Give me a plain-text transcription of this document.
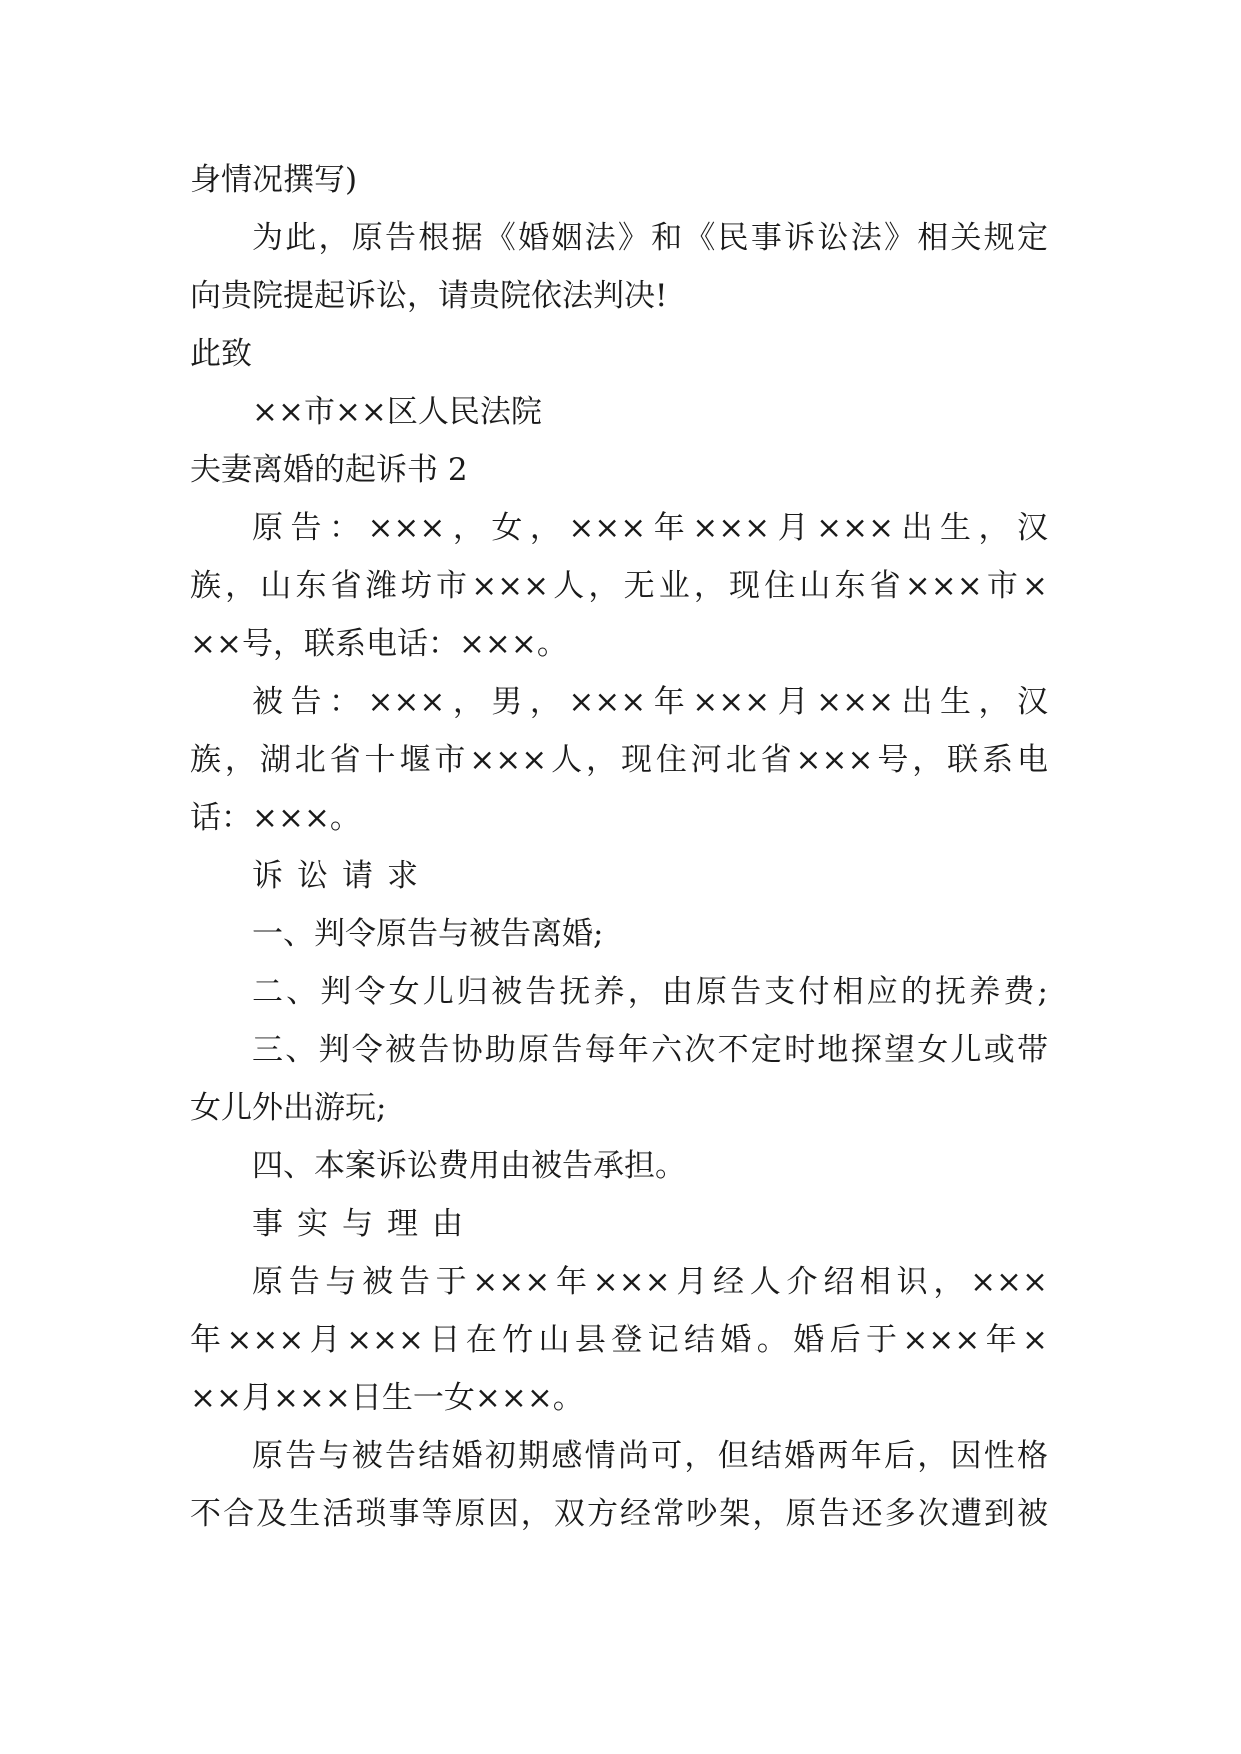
身情况撰写)
为此，原告根据《婚姻法》和《民事诉讼法》相关规定
向贵院提起诉讼，请贵院依法判决!
此致
××市××区人民法院
夫妻离婚的起诉书 2
原告：×××，女，×××年×××月×××出生，汉
族，山东省潍坊市×××人，无业，现住山东省×××市×
××号，联系电话：×××。
被告：×××，男，×××年×××月×××出生，汉
族，湖北省十堰市×××人，现住河北省×××号，联系电
话：×××。
诉讼请求
一、判令原告与被告离婚;
二、判令女儿归被告抚养，由原告支付相应的抚养费;
三、判令被告协助原告每年六次不定时地探望女儿或带
女儿外出游玩;
四、本案诉讼费用由被告承担。
事实与理由
原告与被告于×××年×××月经人介绍相识，×××
年×××月×××日在竹山县登记结婚。婚后于×××年×
××月×××日生一女×××。
原告与被告结婚初期感情尚可，但结婚两年后，因性格
不合及生活琐事等原因，双方经常吵架，原告还多次遭到被
